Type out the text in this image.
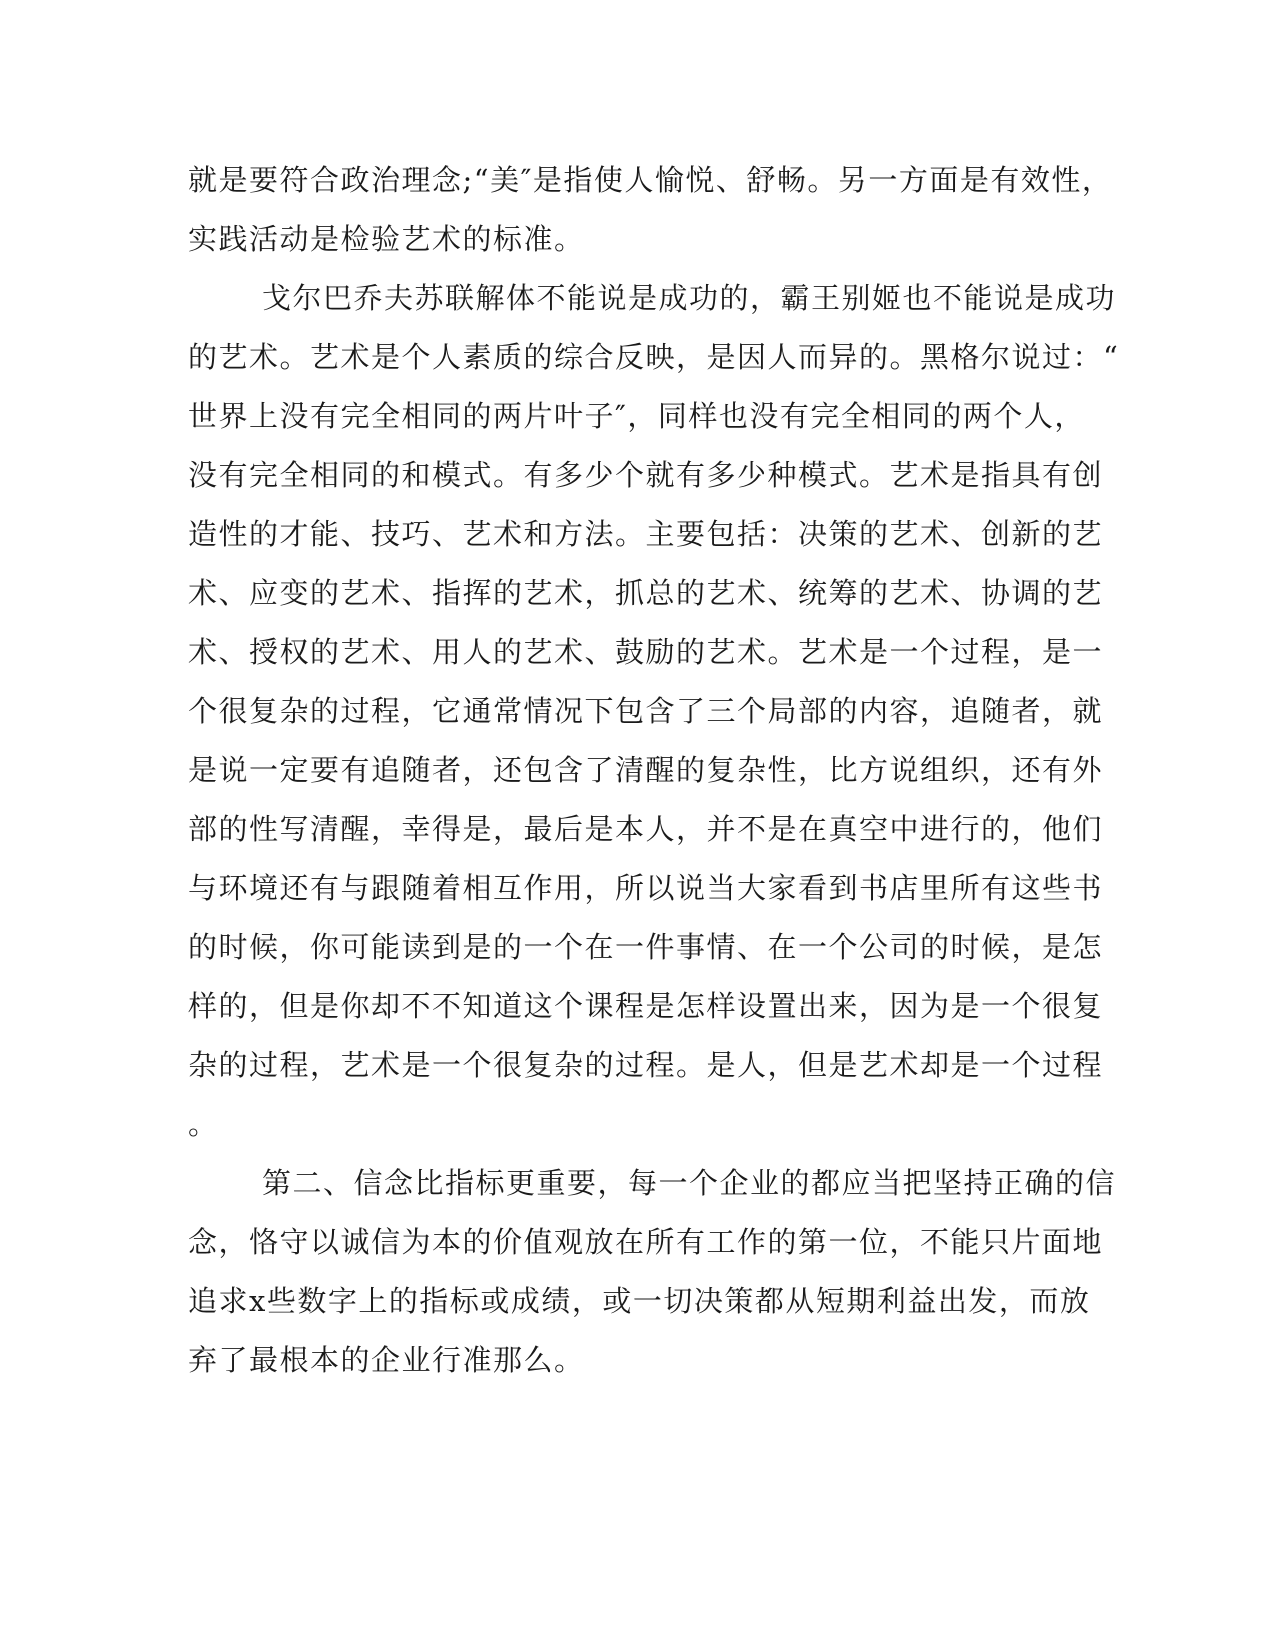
就是要符合政治理念;“美″是指使人愉悦、舒畅。另一方面是有效性，
实践活动是检验艺术的标准。
戈尔巴乔夫苏联解体不能说是成功的，霸王别姬也不能说是成功
的艺术。艺术是个人素质的综合反映，是因人而异的。黑格尔说过：“
世界上没有完全相同的两片叶子″，同样也没有完全相同的两个人，
没有完全相同的和模式。有多少个就有多少种模式。艺术是指具有创
造性的才能、技巧、艺术和方法。主要包括：决策的艺术、创新的艺
术、应变的艺术、指挥的艺术，抓总的艺术、统筹的艺术、协调的艺
术、授权的艺术、用人的艺术、鼓励的艺术。艺术是一个过程，是一
个很复杂的过程，它通常情况下包含了三个局部的内容，追随者，就
是说一定要有追随者，还包含了清醒的复杂性，比方说组织，还有外
部的性写清醒，幸得是，最后是本人，并不是在真空中进行的，他们
与环境还有与跟随着相互作用，所以说当大家看到书店里所有这些书
的时候，你可能读到是的一个在一件事情、在一个公司的时候，是怎
样的，但是你却不不知道这个课程是怎样设置出来，因为是一个很复
杂的过程，艺术是一个很复杂的过程。是人，但是艺术却是一个过程
。
第二、信念比指标更重要，每一个企业的都应当把坚持正确的信
念，恪守以诚信为本的价值观放在所有工作的第一位，不能只片面地
追求x些数字上的指标或成绩，或一切决策都从短期利益出发，而放
弃了最根本的企业行准那么。
